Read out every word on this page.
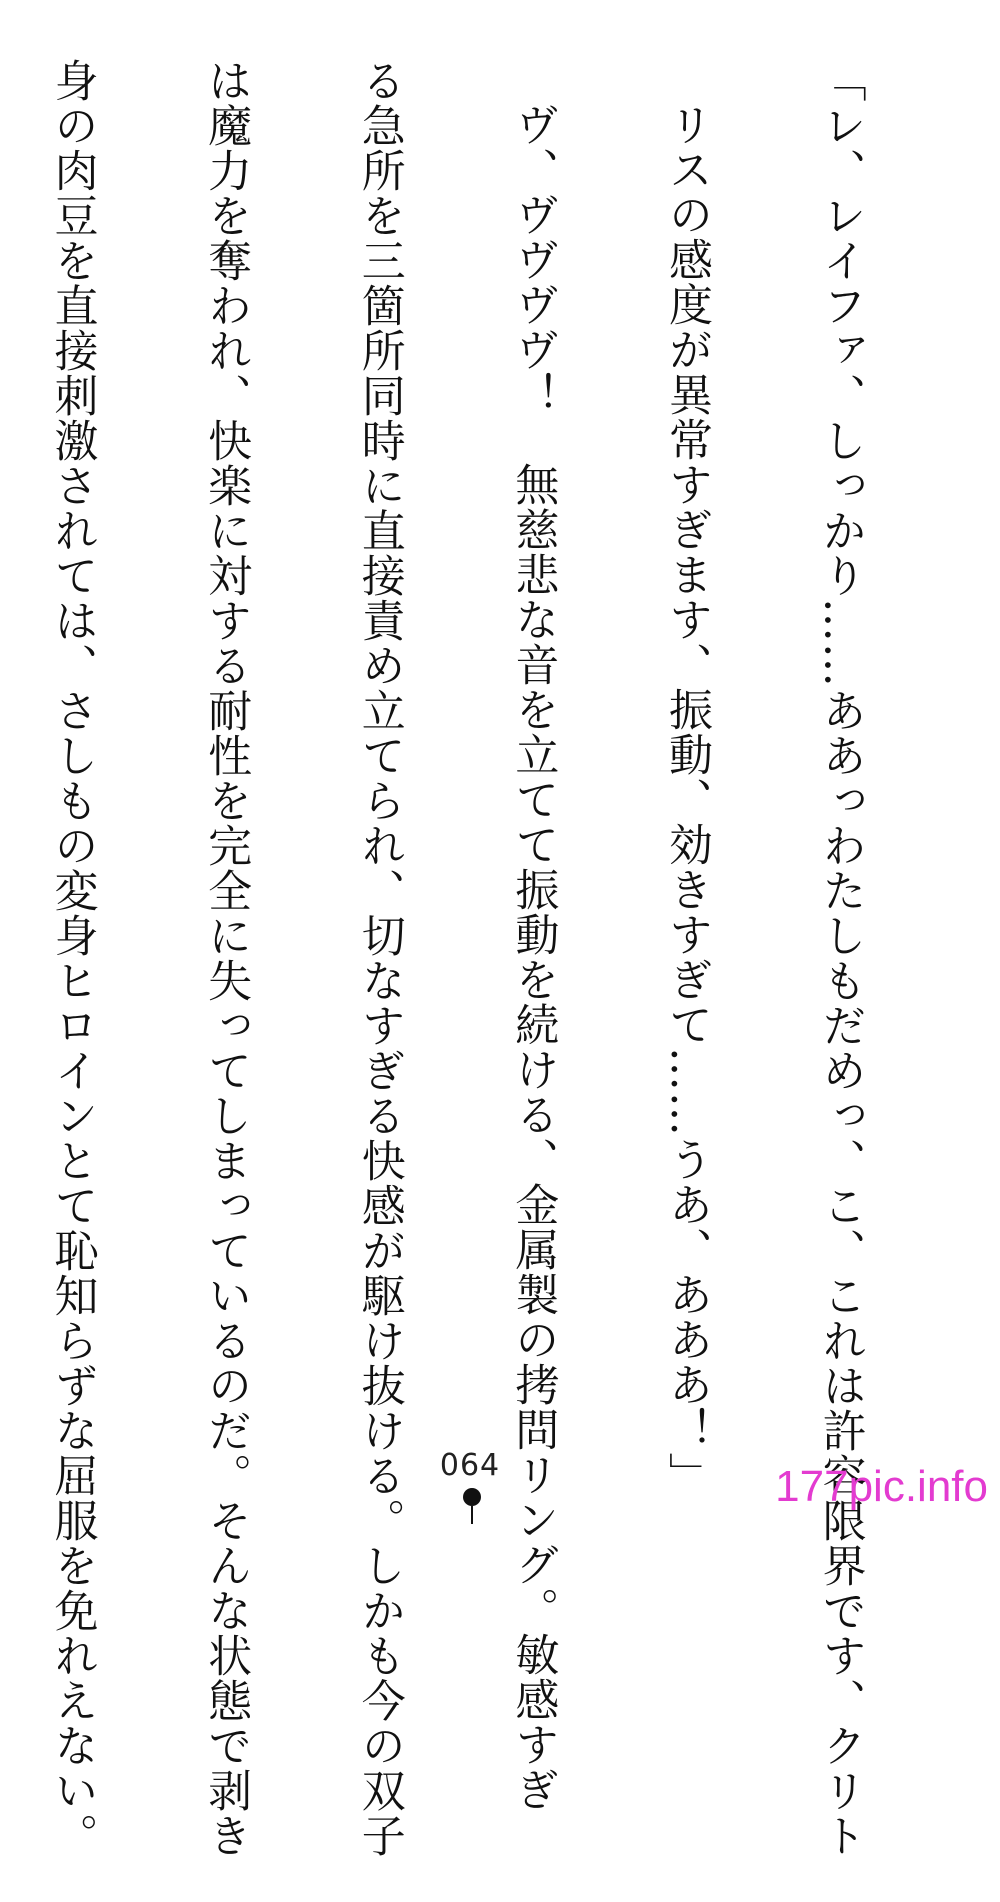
「レ、レイファ、しっかり……ああっわたしもだめっ、こ、これは許容限界です、クリト

リスの感度が異常すぎます、振動、効きすぎて……うあ、あああ！」

ヴ、ヴヴヴヴ！　無慈悲な音を立てて振動を続ける、金属製の拷問リング。敏感すぎ

る急所を三箇所同時に直接責め立てられ、切なすぎる快感が駆け抜ける。しかも今の双子

は魔力を奪われ、快楽に対する耐性を完全に失ってしまっているのだ。そんな状態で剥き

身の肉豆を直接刺激されては、さしもの変身ヒロインとて恥知らずな屈服を免れえない。

	064	177pic.info
